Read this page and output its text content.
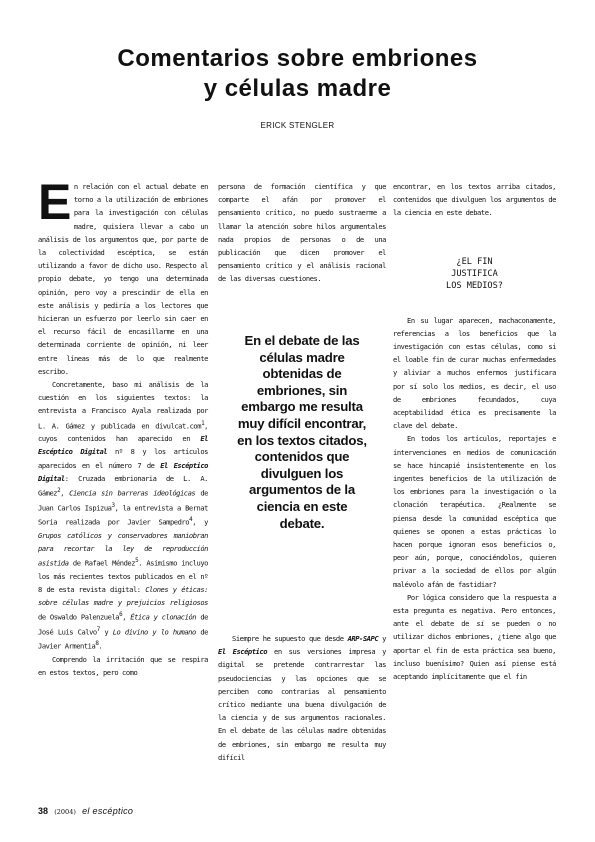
Comentarios sobre embriones
y células madre
ERICK STENGLER

En relación con el actual debate en torno a la utilización de embriones para la investigación con células madre, quisiera llevar a cabo un análisis de los argumentos que, por parte de la colectividad escéptica, se están utilizando a favor de dicho uso. Respecto al propio debate, yo tengo una determinada opinión, pero voy a prescindir de ella en este análisis y pediría a los lectores que hicieran un esfuerzo por leerlo sin caer en el recurso fácil de encasillarme en una determinada corriente de opinión, ni leer entre líneas más de lo que realmente escribo.

Concretamente, baso mi análisis de la cuestión en los siguientes textos: la entrevista a Francisco Ayala realizada por L. A. Gámez y publicada en divulcat.com$^1$, cuyos contenidos han aparecido en El Escéptico Digital nº 8 y los artículos aparecidos en el número 7 de El Escéptico Digital: Cruzada embrionaria de L. A. Gámez$^2$, Ciencia sin barreras ideológicas de Juan Carlos Ispizua$^3$, la entrevista a Bernat Soria realizada por Javier Sampedro$^4$, y Grupos católicos y conservadores maniobran para recortar la ley de reproducción asistida de Rafael Méndez$^5$. Asimismo incluyo los más recientes textos publicados en el nº 8 de esta revista digital: Clones y éticas: sobre células madre y prejuicios religiosos de Oswaldo Palenzuela$^6$, Ética y clonación de José Luis Calvo$^7$ y Lo divino y lo humano de Javier Armentia$^8$.

Comprendo la irritación que se respira en estos textos, pero como

persona de formación científica y que comparte el afán por promover el pensamiento crítico, no puedo sustraerme a llamar la atención sobre hilos argumentales nada propios de personas o de una publicación que dicen promover el pensamiento crítico y el análisis racional de las diversas cuestiones.

En el debate de las células madre obtenidas de embriones, sin embargo me resulta muy difícil encontrar, en los textos citados, contenidos que divulguen los argumentos de la ciencia en este debate.

Siempre he supuesto que desde ARP-SAPC y El Escéptico en sus versiones impresa y digital se pretende contrarrestar las pseudociencias y las opciones que se perciben como contrarias al pensamiento crítico mediante una buena divulgación de la ciencia y de sus argumentos racionales. En el debate de las células madre obtenidas de embriones, sin embargo me resulta muy difícil

encontrar, en los textos arriba citados, contenidos que divulguen los argumentos de la ciencia en este debate.

¿EL FIN
JUSTIFICA
LOS MEDIOS?

En su lugar aparecen, machaconamente, referencias a los beneficios que la investigación con estas células, como si el loable fin de curar muchas enfermedades y aliviar a muchos enfermos justificara por sí solo los medios, es decir, el uso de embriones fecundados, cuya aceptabilidad ética es precisamente la clave del debate.

En todos los artículos, reportajes e intervenciones en medios de comunicación se hace hincapié insistentemente en los ingentes beneficios de la utilización de los embriones para la investigación o la clonación terapéutica. ¿Realmente se piensa desde la comunidad escéptica que quienes se oponen a estas prácticas lo hacen porque ignoran esos beneficios o, peor aún, porque, conociéndolos, quieren privar a la sociedad de ellos por algún malévolo afán de fastidiar?

Por lógica considero que la respuesta a esta pregunta es negativa. Pero entonces, ante el debate de si se pueden o no utilizar dichos embriones, ¿tiene algo que aportar el fin de esta práctica sea bueno, incluso buenísimo? Quien así piense está aceptando implícitamente que el fin

38 (2004) el escéptico
